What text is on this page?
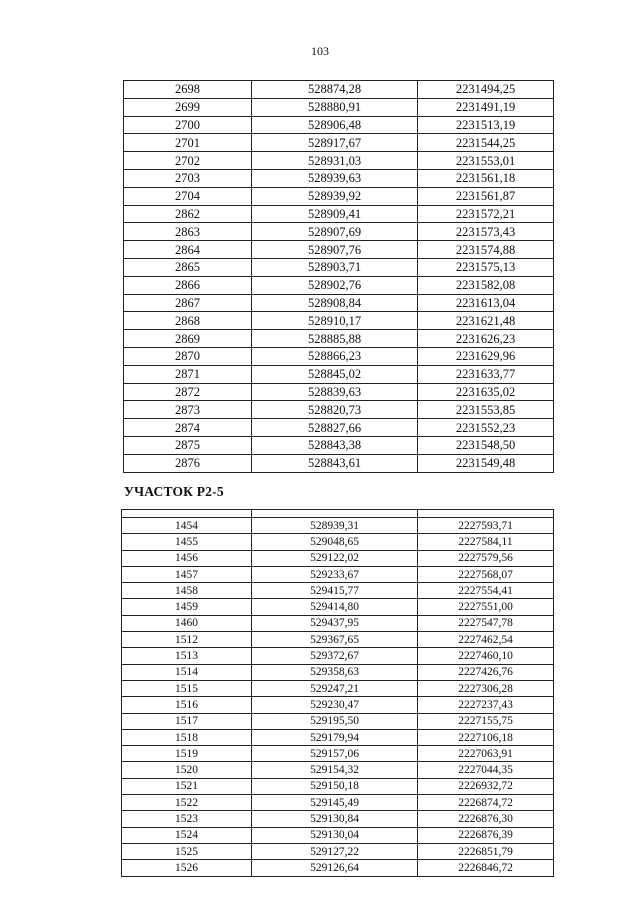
103
2698	528874,28	2231494,25
2699	528880,91	2231491,19
2700	528906,48	2231513,19
2701	528917,67	2231544,25
2702	528931,03	2231553,01
2703	528939,63	2231561,18
2704	528939,92	2231561,87
2862	528909,41	2231572,21
2863	528907,69	2231573,43
2864	528907,76	2231574,88
2865	528903,71	2231575,13
2866	528902,76	2231582,08
2867	528908,84	2231613,04
2868	528910,17	2231621,48
2869	528885,88	2231626,23
2870	528866,23	2231629,96
2871	528845,02	2231633,77
2872	528839,63	2231635,02
2873	528820,73	2231553,85
2874	528827,66	2231552,23
2875	528843,38	2231548,50
2876	528843,61	2231549,48
УЧАСТОК Р2-5

1454	528939,31	2227593,71
1455	529048,65	2227584,11
1456	529122,02	2227579,56
1457	529233,67	2227568,07
1458	529415,77	2227554,41
1459	529414,80	2227551,00
1460	529437,95	2227547,78
1512	529367,65	2227462,54
1513	529372,67	2227460,10
1514	529358,63	2227426,76
1515	529247,21	2227306,28
1516	529230,47	2227237,43
1517	529195,50	2227155,75
1518	529179,94	2227106,18
1519	529157,06	2227063,91
1520	529154,32	2227044,35
1521	529150,18	2226932,72
1522	529145,49	2226874,72
1523	529130,84	2226876,30
1524	529130,04	2226876,39
1525	529127,22	2226851,79
1526	529126,64	2226846,72
